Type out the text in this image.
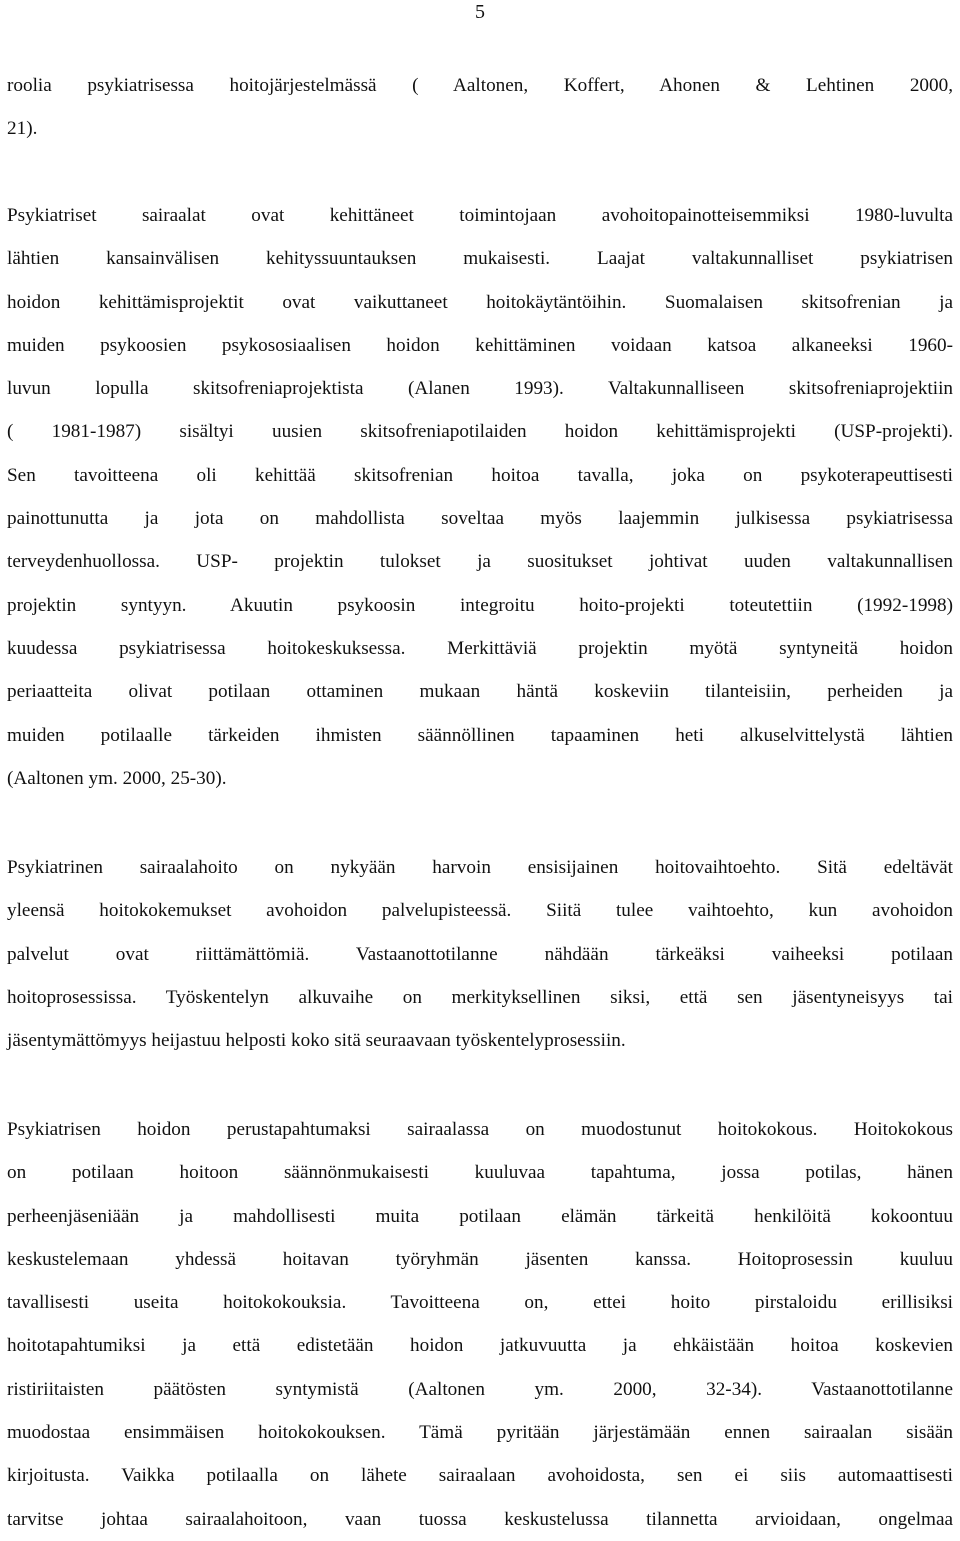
5
roolia psykiatrisessa hoitojärjestelmässä ( Aaltonen, Koffert, Ahonen & Lehtinen 2000,
21).
Psykiatriset sairaalat ovat kehittäneet toimintojaan avohoitopainotteisemmiksi 1980-luvulta
lähtien kansainvälisen kehityssuuntauksen mukaisesti. Laajat valtakunnalliset psykiatrisen
hoidon kehittämisprojektit ovat vaikuttaneet hoitokäytäntöihin. Suomalaisen skitsofrenian ja
muiden psykoosien psykososiaalisen hoidon kehittäminen voidaan katsoa alkaneeksi 1960-
luvun lopulla skitsofreniaprojektista (Alanen 1993). Valtakunnalliseen skitsofreniaprojektiin
( 1981-1987) sisältyi uusien skitsofreniapotilaiden hoidon kehittämisprojekti (USP-projekti).
Sen tavoitteena oli kehittää skitsofrenian hoitoa tavalla, joka on psykoterapeuttisesti
painottunutta ja jota on mahdollista soveltaa myös laajemmin julkisessa psykiatrisessa
terveydenhuollossa. USP- projektin tulokset ja suositukset johtivat uuden valtakunnallisen
projektin syntyyn. Akuutin psykoosin integroitu hoito-projekti toteutettiin (1992-1998)
kuudessa psykiatrisessa hoitokeskuksessa. Merkittäviä projektin myötä syntyneitä hoidon
periaatteita olivat potilaan ottaminen mukaan häntä koskeviin tilanteisiin, perheiden ja
muiden potilaalle tärkeiden ihmisten säännöllinen tapaaminen heti alkuselvittelystä lähtien
(Aaltonen ym. 2000, 25-30).
Psykiatrinen sairaalahoito on nykyään harvoin ensisijainen hoitovaihtoehto. Sitä edeltävät
yleensä hoitokokemukset avohoidon palvelupisteessä. Siitä tulee vaihtoehto, kun avohoidon
palvelut ovat riittämättömiä. Vastaanottotilanne nähdään tärkeäksi vaiheeksi potilaan
hoitoprosessissa. Työskentelyn alkuvaihe on merkityksellinen siksi, että sen jäsentyneisyys tai
jäsentymättömyys heijastuu helposti koko sitä seuraavaan työskentelyprosessiin.
Psykiatrisen hoidon perustapahtumaksi sairaalassa on muodostunut hoitokokous. Hoitokokous
on potilaan hoitoon säännönmukaisesti kuuluvaa tapahtuma, jossa potilas, hänen
perheenjäseniään ja mahdollisesti muita potilaan elämän tärkeitä henkilöitä kokoontuu
keskustelemaan yhdessä hoitavan työryhmän jäsenten kanssa. Hoitoprosessin kuuluu
tavallisesti useita hoitokokouksia. Tavoitteena on, ettei hoito pirstaloidu erillisiksi
hoitotapahtumiksi ja että edistetään hoidon jatkuvuutta ja ehkäistään hoitoa koskevien
ristiriitaisten päätösten syntymistä (Aaltonen ym. 2000, 32-34). Vastaanottotilanne
muodostaa ensimmäisen hoitokokouksen. Tämä pyritään järjestämään ennen sairaalan sisään
kirjoitusta. Vaikka potilaalla on lähete sairaalaan avohoidosta, sen ei siis automaattisesti
tarvitse johtaa sairaalahoitoon, vaan tuossa keskustelussa tilannetta arvioidaan, ongelmaa
